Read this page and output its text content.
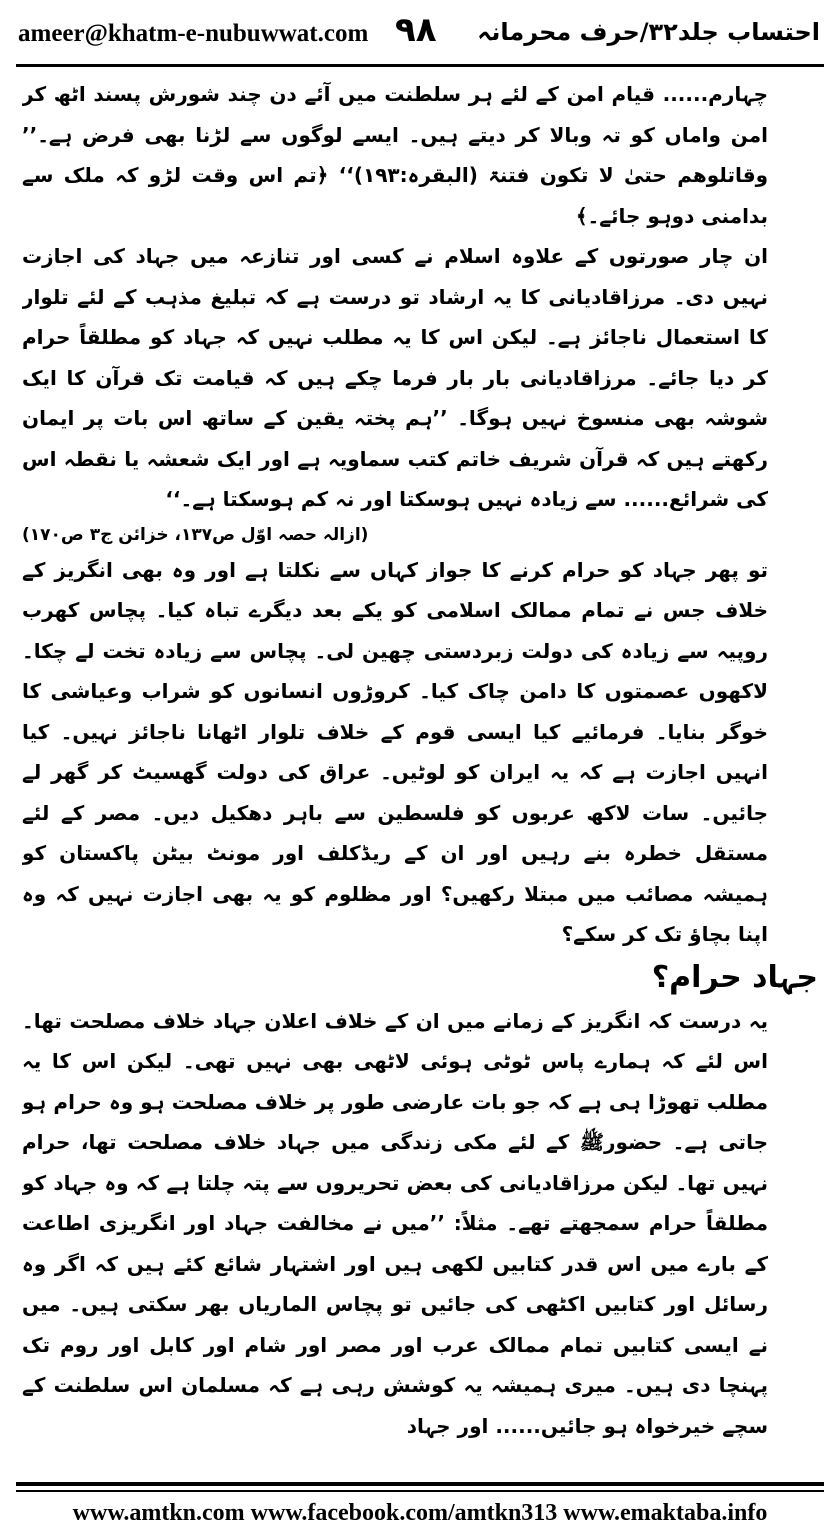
ameer@khatm-e-nubuwwat.com ۹۸ احتساب جلد۳۲/حرف محرمانہ

چہارم...... قیام امن کے لئے ہر سلطنت میں آئے دن چند شورش پسند اٹھ کر امن واماں کو تہ وبالا کر دیتے ہیں۔ ایسے لوگوں سے لڑنا بھی فرض ہے۔’’ وقاتلوھم حتیٰ لا تکون فتنۃ (البقرہ:۱۹۳)‘‘ ﴿تم اس وقت لڑو کہ ملک سے بدامنی دوہو جائے۔﴾

ان چار صورتوں کے علاوہ اسلام نے کسی اور تنازعہ میں جہاد کی اجازت نہیں دی۔ مرزاقادیانی کا یہ ارشاد تو درست ہے کہ تبلیغ مذہب کے لئے تلوار کا استعمال ناجائز ہے۔ لیکن اس کا یہ مطلب نہیں کہ جہاد کو مطلقاً حرام کر دیا جائے۔ مرزاقادیانی بار بار فرما چکے ہیں کہ قیامت تک قرآن کا ایک شوشہ بھی منسوخ نہیں ہوگا۔ ’’ہم پختہ یقین کے ساتھ اس بات پر ایمان رکھتے ہیں کہ قرآن شریف خاتم کتب سماویہ ہے اور ایک شعشہ یا نقطہ اس کی شرائع...... سے زیادہ نہیں ہوسکتا اور نہ کم ہوسکتا ہے۔‘‘

(ازالہ حصہ اوّل ص۱۳۷، خزائن ج۳ ص۱۷۰)

تو پھر جہاد کو حرام کرنے کا جواز کہاں سے نکلتا ہے اور وہ بھی انگریز کے خلاف جس نے تمام ممالک اسلامی کو یکے بعد دیگرے تباہ کیا۔ پچاس کھرب روپیہ سے زیادہ کی دولت زبردستی چھین لی۔ پچاس سے زیادہ تخت لے چکا۔ لاکھوں عصمتوں کا دامن چاک کیا۔ کروڑوں انسانوں کو شراب وعیاشی کا خوگر بنایا۔ فرمائیے کیا ایسی قوم کے خلاف تلوار اٹھانا ناجائز نہیں۔ کیا انہیں اجازت ہے کہ یہ ایران کو لوٹیں۔ عراق کی دولت گھسیٹ کر گھر لے جائیں۔ سات لاکھ عربوں کو فلسطین سے باہر دھکیل دیں۔ مصر کے لئے مستقل خطرہ بنے رہیں اور ان کے ریڈکلف اور مونٹ بیٹن پاکستان کو ہمیشہ مصائب میں مبتلا رکھیں؟ اور مظلوم کو یہ بھی اجازت نہیں کہ وہ اپنا بچاؤ تک کر سکے؟

جہاد حرام؟

یہ درست کہ انگریز کے زمانے میں ان کے خلاف اعلان جہاد خلاف مصلحت تھا۔ اس لئے کہ ہمارے پاس ٹوٹی ہوئی لاٹھی بھی نہیں تھی۔ لیکن اس کا یہ مطلب تھوڑا ہی ہے کہ جو بات عارضی طور پر خلاف مصلحت ہو وہ حرام ہو جاتی ہے۔ حضورﷺ کے لئے مکی زندگی میں جہاد خلاف مصلحت تھا، حرام نہیں تھا۔ لیکن مرزاقادیانی کی بعض تحریروں سے پتہ چلتا ہے کہ وہ جہاد کو مطلقاً حرام سمجھتے تھے۔ مثلاً: ’’میں نے مخالفت جہاد اور انگریزی اطاعت کے بارے میں اس قدر کتابیں لکھی ہیں اور اشتہار شائع کئے ہیں کہ اگر وہ رسائل اور کتابیں اکٹھی کی جائیں تو پچاس الماریاں بھر سکتی ہیں۔ میں نے ایسی کتابیں تمام ممالک عرب اور مصر اور شام اور کابل اور روم تک پہنچا دی ہیں۔ میری ہمیشہ یہ کوشش رہی ہے کہ مسلمان اس سلطنت کے سچے خیرخواہ ہو جائیں...... اور جہاد

www.amtkn.com www.facebook.com/amtkn313 www.emaktaba.info
